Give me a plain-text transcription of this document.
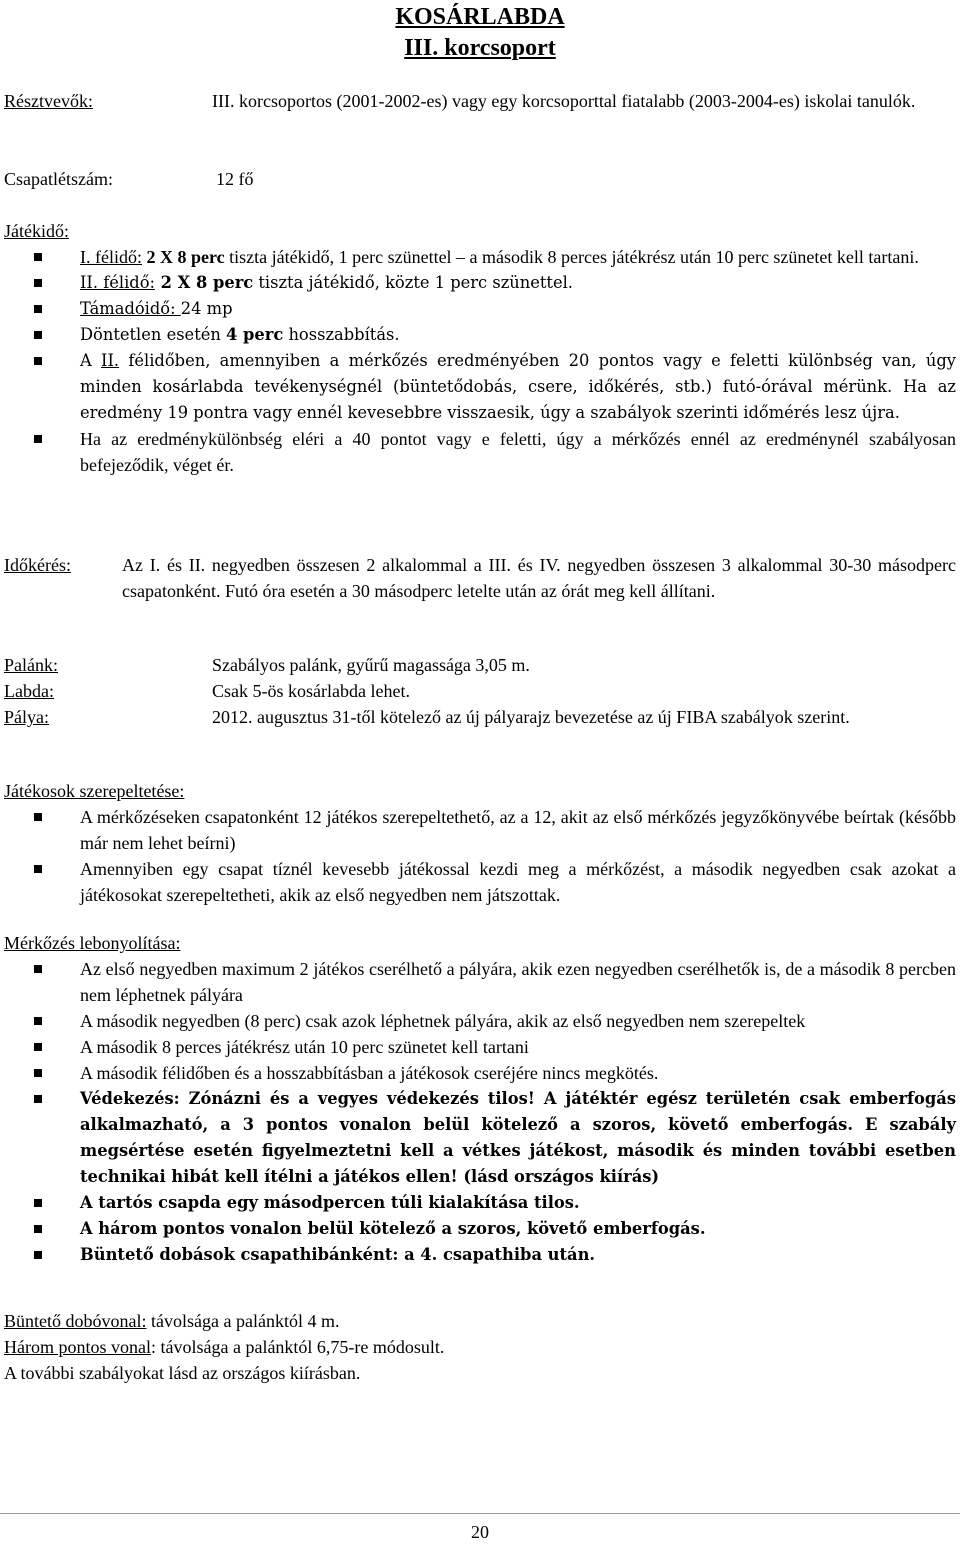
KOSÁRLABDA
III. korcsoport
Résztvevők:	III. korcsoportos (2001-2002-es) vagy egy korcsoporttal fiatalabb (2003-2004-es) iskolai tanulók.
Csapatlétszám:	12 fő
Játékidő:
I. félidő: 2 X 8 perc tiszta játékidő, 1 perc szünettel – a második 8 perces játékrész után 10 perc szünetet kell tartani.
II. félidő: 2 X 8 perc tiszta játékidő, közte 1 perc szünettel.
Támadóidő: 24 mp
Döntetlen esetén 4 perc hosszabbítás.
A II. félidőben, amennyiben a mérkőzés eredményében 20 pontos vagy e feletti különbség van, úgy minden kosárlabda tevékenységnél (büntetődobás, csere, időkérés, stb.) futó-órával mérünk. Ha az eredmény 19 pontra vagy ennél kevesebbre visszaesik, úgy a szabályok szerinti időmérés lesz újra.
Ha az eredménykülönbség eléri a 40 pontot vagy e feletti, úgy a mérkőzés ennél az eredménynél szabályosan befejeződik, véget ér.
Időkérés:	Az I. és II. negyedben összesen 2 alkalommal a III. és IV. negyedben összesen 3 alkalommal 30-30 másodperc csapatonként. Futó óra esetén a 30 másodperc letelte után az órát meg kell állítani.
Palánk:	Szabályos palánk, gyűrű magassága 3,05 m.
Labda:	Csak 5-ös kosárlabda lehet.
Pálya:	2012. augusztus 31-től kötelező az új pályarajz bevezetése az új FIBA szabályok szerint.
Játékosok szerepeltetése:
A mérkőzéseken csapatonként 12 játékos szerepeltethető, az a 12, akit az első mérkőzés jegyzőkönyvébe beírtak (később már nem lehet beírni)
Amennyiben egy csapat tíznél kevesebb játékossal kezdi meg a mérkőzést, a második negyedben csak azokat a játékosokat szerepeltetheti, akik az első negyedben nem játszottak.
Mérkőzés lebonyolítása:
Az első negyedben maximum 2 játékos cserélhető a pályára, akik ezen negyedben cserélhetők is, de a második 8 percben nem léphetnek pályára
A második negyedben (8 perc) csak azok léphetnek pályára, akik az első negyedben nem szerepeltek
A második 8 perces játékrész után 10 perc szünetet kell tartani
A második félidőben és a hosszabbításban a játékosok cseréjére nincs megkötés.
Védekezés: Zónázni és a vegyes védekezés tilos! A játéktér egész területén csak emberfogás alkalmazható, a 3 pontos vonalon belül kötelező a szoros, követő emberfogás. E szabály megsértése esetén figyelmeztetni kell a vétkes játékost, második és minden további esetben technikai hibát kell ítélni a játékos ellen! (lásd országos kiírás)
A tartós csapda egy másodpercen túli kialakítása tilos.
A három pontos vonalon belül kötelező a szoros, követő emberfogás.
Büntető dobások csapathibánként: a 4. csapathiba után.
Büntető dobóvonal: távolsága a palánktól 4 m.
Három pontos vonal: távolsága a palánktól 6,75-re módosult.
A további szabályokat lásd az országos kiírásban.
20
